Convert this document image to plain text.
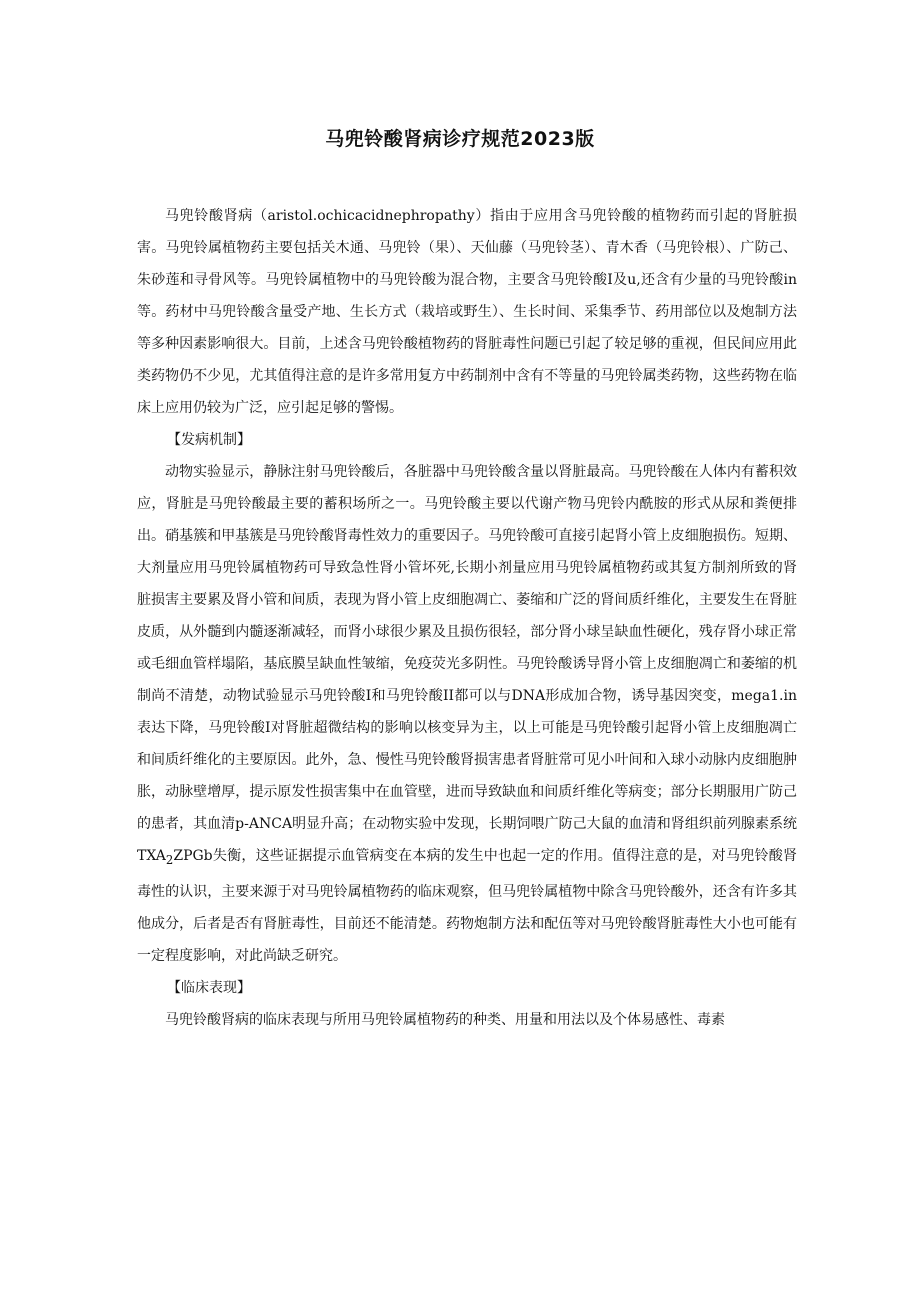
马兜铃酸肾病诊疗规范2023版

马兜铃酸肾病（aristol.ochicacidnephropathy）指由于应用含马兜铃酸的植物药而引起的肾脏损害。马兜铃属植物药主要包括关木通、马兜铃（果）、天仙藤（马兜铃茎）、青木香（马兜铃根）、广防己、朱砂莲和寻骨风等。马兜铃属植物中的马兜铃酸为混合物，主要含马兜铃酸I及u,还含有少量的马兜铃酸in等。药材中马兜铃酸含量受产地、生长方式（栽培或野生）、生长时间、采集季节、药用部位以及炮制方法等多种因素影响很大。目前，上述含马兜铃酸植物药的肾脏毒性问题已引起了较足够的重视，但民间应用此类药物仍不少见，尤其值得注意的是许多常用复方中药制剂中含有不等量的马兜铃属类药物，这些药物在临床上应用仍较为广泛，应引起足够的警惕。

【发病机制】

动物实验显示，静脉注射马兜铃酸后，各脏器中马兜铃酸含量以肾脏最高。马兜铃酸在人体内有蓄积效应，肾脏是马兜铃酸最主要的蓄积场所之一。马兜铃酸主要以代谢产物马兜铃内酰胺的形式从尿和粪便排出。硝基簇和甲基簇是马兜铃酸肾毒性效力的重要因子。马兜铃酸可直接引起肾小管上皮细胞损伤。短期、大剂量应用马兜铃属植物药可导致急性肾小管坏死,长期小剂量应用马兜铃属植物药或其复方制剂所致的肾脏损害主要累及肾小管和间质，表现为肾小管上皮细胞凋亡、萎缩和广泛的肾间质纤维化，主要发生在肾脏皮质，从外髓到内髓逐渐减轻，而肾小球很少累及且损伤很轻，部分肾小球呈缺血性硬化，残存肾小球正常或毛细血管样塌陷，基底膜呈缺血性皱缩，免疫荧光多阴性。马兜铃酸诱导肾小管上皮细胞凋亡和萎缩的机制尚不清楚，动物试验显示马兜铃酸I和马兜铃酸II都可以与DNA形成加合物，诱导基因突变，mega1.in表达下降，马兜铃酸I对肾脏超微结构的影响以核变异为主，以上可能是马兜铃酸引起肾小管上皮细胞凋亡和间质纤维化的主要原因。此外，急、慢性马兜铃酸肾损害患者肾脏常可见小叶间和入球小动脉内皮细胞肿胀，动脉壁增厚，提示原发性损害集中在血管壁，进而导致缺血和间质纤维化等病变；部分长期服用广防己的患者，其血清p-ANCA明显升高；在动物实验中发现，长期饲喂广防己大鼠的血清和肾组织前列腺素系统$TXA_2ZPGb$失衡，这些证据提示血管病变在本病的发生中也起一定的作用。值得注意的是，对马兜铃酸肾毒性的认识，主要来源于对马兜铃属植物药的临床观察，但马兜铃属植物中除含马兜铃酸外，还含有许多其他成分，后者是否有肾脏毒性，目前还不能清楚。药物炮制方法和配伍等对马兜铃酸肾脏毒性大小也可能有一定程度影响，对此尚缺乏研究。

【临床表现】

马兜铃酸肾病的临床表现与所用马兜铃属植物药的种类、用量和用法以及个体易感性、毒素
